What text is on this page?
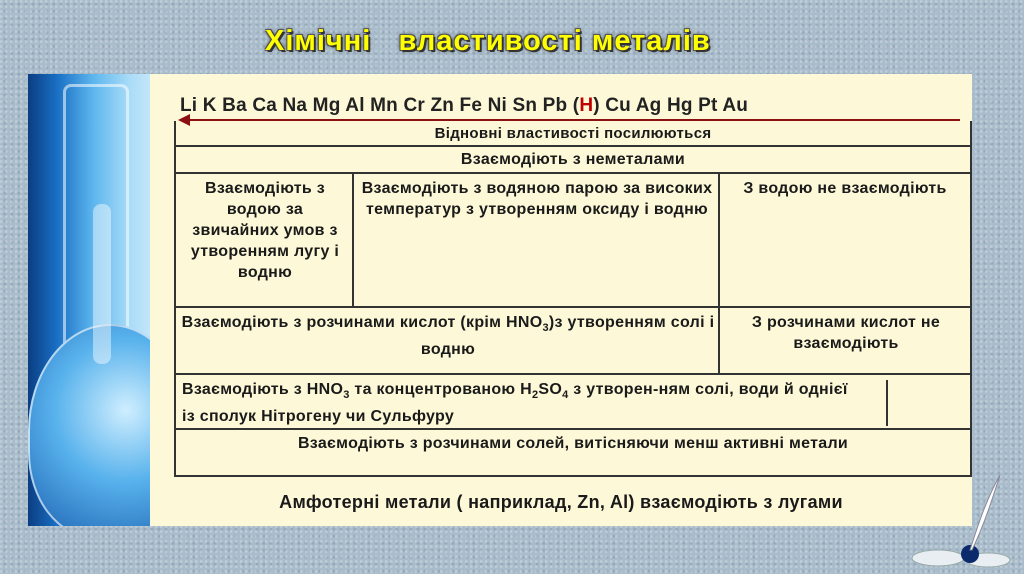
Хімічні   властивості металів
Li K Ba Ca Na Mg Al Mn Cr Zn Fe Ni Sn Pb (H) Cu Ag Hg Pt Au
Відновні властивості посилюються
Взаємодіють з неметалами
Взаємодіють з водою за звичайних умов з утворенням лугу і водню
Взаємодіють з водяною парою за високих температур з утворенням оксиду і водню
З водою не взаємодіють
Взаємодіють з розчинами кислот (крім $HNO_3)з$ утворенням солі і водню
З розчинами кислот не взаємодіють
Взаємодіють з $HNO_3$ та концентрованою $H_2SO_4$ з утворен-ням солі, води й однієї із сполук Нітрогену чи Сульфуру
Взаємодіють з розчинами солей, витісняючи менш активні метали
Амфотерні метали ( наприклад, Zn, Al) взаємодіють з лугами
